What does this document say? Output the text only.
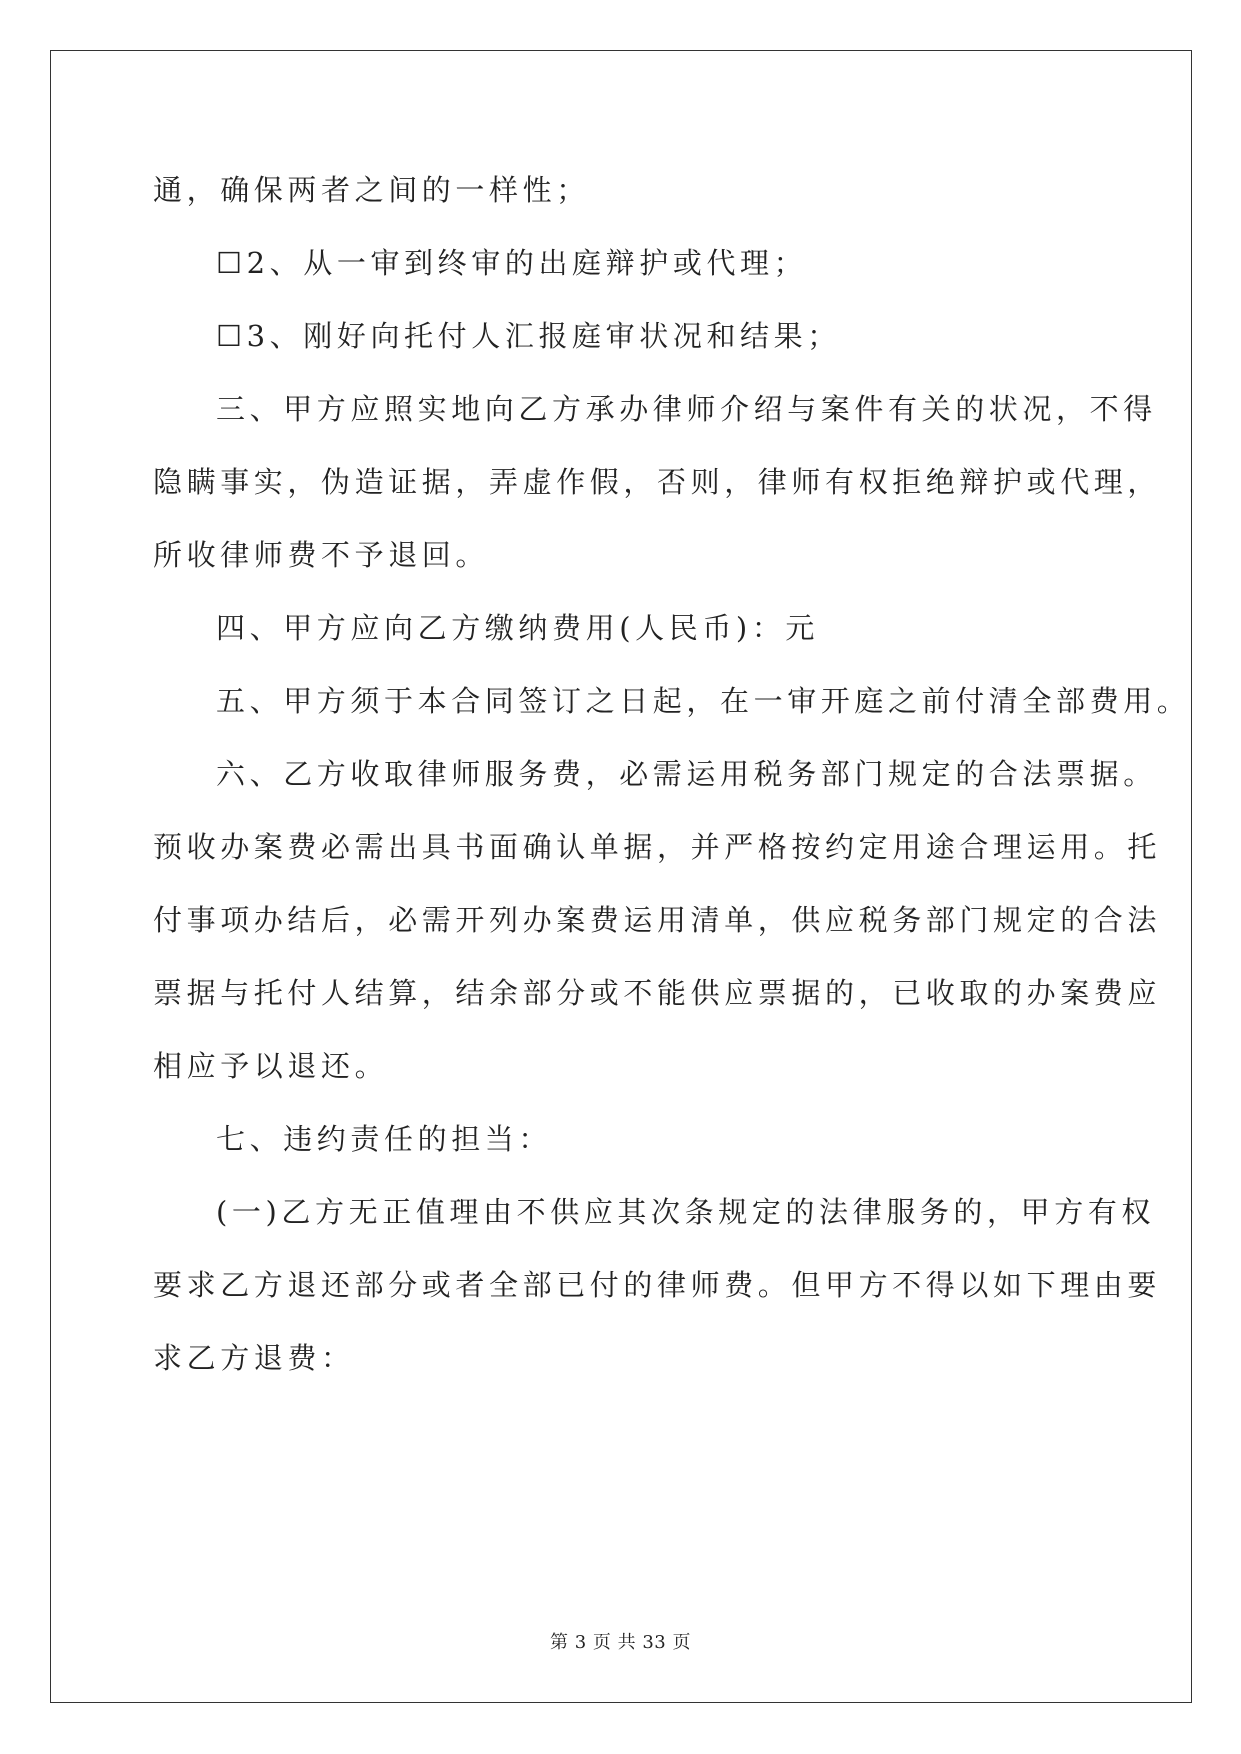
通，确保两者之间的一样性；
☐2、从一审到终审的出庭辩护或代理；
☐3、刚好向托付人汇报庭审状况和结果；
三、甲方应照实地向乙方承办律师介绍与案件有关的状况，不得
隐瞒事实，伪造证据，弄虚作假，否则，律师有权拒绝辩护或代理，
所收律师费不予退回。
四、甲方应向乙方缴纳费用(人民币)：元
五、甲方须于本合同签订之日起，在一审开庭之前付清全部费用。
六、乙方收取律师服务费，必需运用税务部门规定的合法票据。
预收办案费必需出具书面确认单据，并严格按约定用途合理运用。托
付事项办结后，必需开列办案费运用清单，供应税务部门规定的合法
票据与托付人结算，结余部分或不能供应票据的，已收取的办案费应
相应予以退还。
七、违约责任的担当：
(一)乙方无正值理由不供应其次条规定的法律服务的，甲方有权
要求乙方退还部分或者全部已付的律师费。但甲方不得以如下理由要
求乙方退费：
第 3 页 共 33 页
